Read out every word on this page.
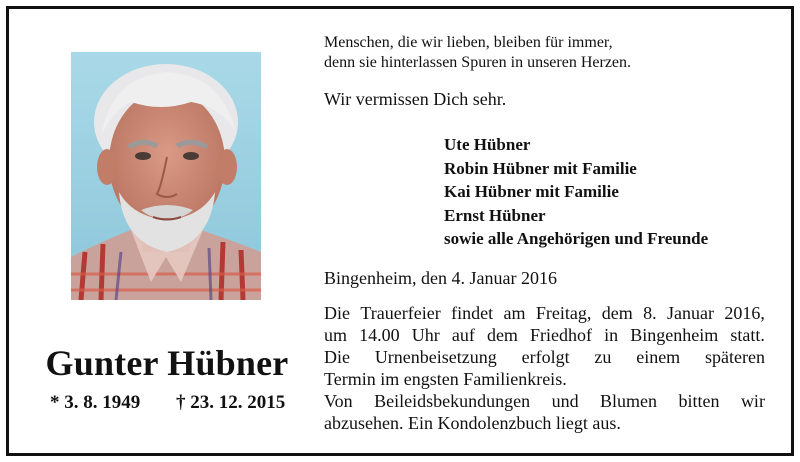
Gunter Hübner
* 3. 8. 1949 † 23. 12. 2015
Menschen, die wir lieben, bleiben für immer,
denn sie hinterlassen Spuren in unseren Herzen.
Wir vermissen Dich sehr.
Ute Hübner
Robin Hübner mit Familie
Kai Hübner mit Familie
Ernst Hübner
sowie alle Angehörigen und Freunde
Bingenheim, den 4. Januar 2016
Die Trauerfeier findet am Freitag, dem 8. Januar 2016,
um 14.00 Uhr auf dem Friedhof in Bingenheim statt.
Die Urnenbeisetzung erfolgt zu einem späteren
Termin im engsten Familienkreis.
Von Beileidsbekundungen und Blumen bitten wir
abzusehen. Ein Kondolenzbuch liegt aus.
